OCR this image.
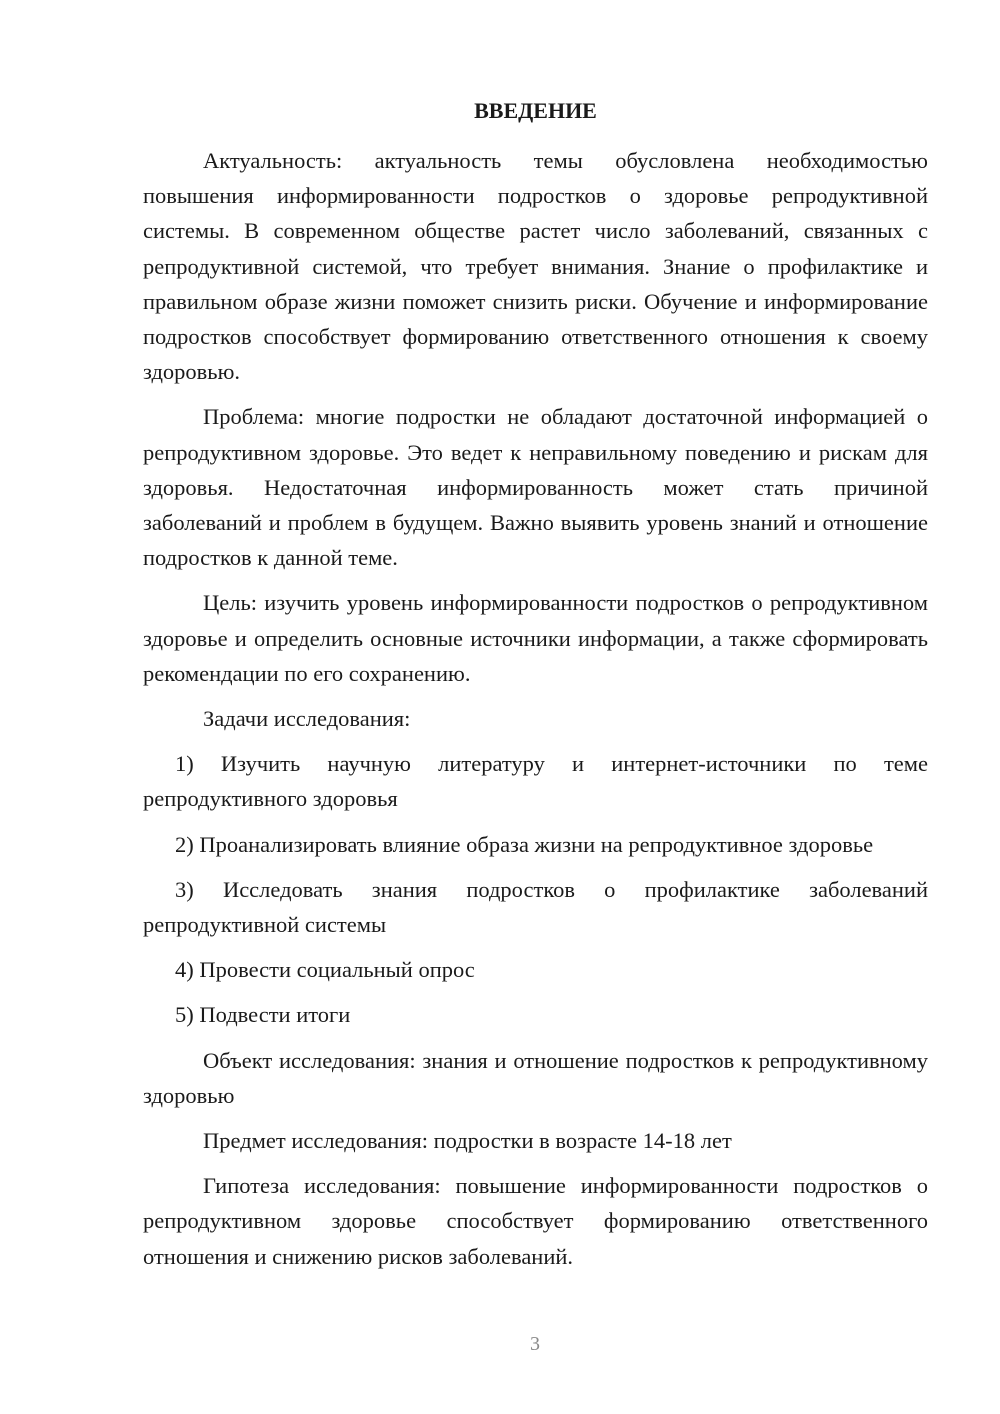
ВВЕДЕНИЕ

Актуальность: актуальность темы обусловлена необходимостью повышения информированности подростков о здоровье репродуктивной системы. В современном обществе растет число заболеваний, связанных с репродуктивной системой, что требует внимания. Знание о профилактике и правильном образе жизни поможет снизить риски. Обучение и информирование подростков способствует формированию ответственного отношения к своему здоровью.

Проблема: многие подростки не обладают достаточной информацией о репродуктивном здоровье. Это ведет к неправильному поведению и рискам для здоровья. Недостаточная информированность может стать причиной заболеваний и проблем в будущем. Важно выявить уровень знаний и отношение подростков к данной теме.

Цель: изучить уровень информированности подростков о репродуктивном здоровье и определить основные источники информации, а также сформировать рекомендации по его сохранению.

Задачи исследования:

1) Изучить научную литературу и интернет-источники по теме репродуктивного здоровья

2) Проанализировать влияние образа жизни на репродуктивное здоровье

3) Исследовать знания подростков о профилактике заболеваний репродуктивной системы

4) Провести социальный опрос

5) Подвести итоги

Объект исследования: знания и отношение подростков к репродуктивному здоровью

Предмет исследования: подростки в возрасте 14-18 лет

Гипотеза исследования: повышение информированности подростков о репродуктивном здоровье способствует формированию ответственного отношения и снижению рисков заболеваний.

3
